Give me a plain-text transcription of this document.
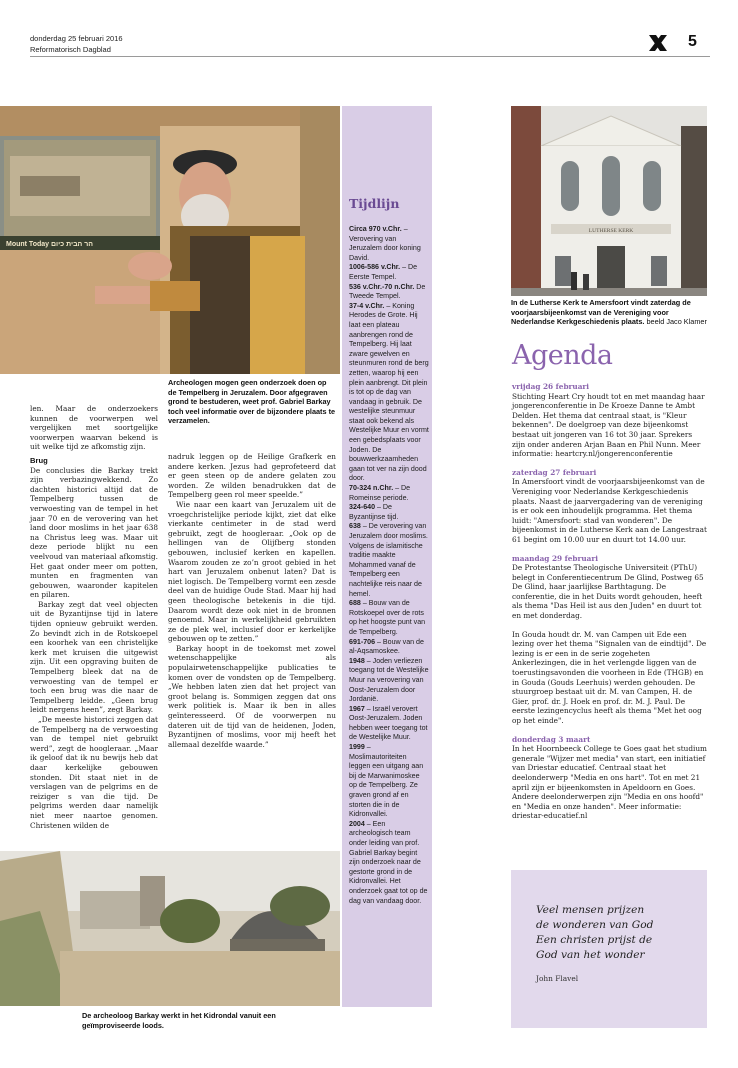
donderdag 25 februari 2016
Reformatorisch Dagblad	5
Mount Today הר הבית כיום
Archeologen mogen geen onderzoek doen op de Tempelberg in Jeruzalem. Door afgegraven grond te bestuderen, weet prof. Gabriel Barkay toch veel informatie over de bijzondere plaats te verzamelen.

len. Maar de onderzoekers kunnen de voorwerpen wel vergelijken met soortgelijke voorwerpen waarvan bekend is uit welke tijd ze afkomstig zijn.

Brug

De conclusies die Barkay trekt zijn verbazingwekkend. Zo dachten historici altijd dat de Tempelberg tussen de verwoesting van de tempel in het jaar 70 en de verovering van het land door moslims in het jaar 638 na Christus leeg was. Maar uit deze periode blijkt nu een veelvoud van materiaal afkomstig. Het gaat onder meer om potten, munten en fragmenten van gebouwen, waaronder kapitelen en pilaren.

Barkay zegt dat veel objecten uit de Byzantijnse tijd in latere tijden opnieuw gebruikt werden. Zo bevindt zich in de Rotskoepel een koorhek van een christelijke kerk met kruisen die uitgewist zijn. Uit een opgraving buiten de Tempelberg bleek dat na de verwoesting van de tempel er toch een brug was die naar de Tempelberg leidde. „Geen brug leidt nergens heen”, zegt Barkay.

„De meeste historici zeggen dat de Tempelberg na de verwoesting van de tempel niet gebruikt werd”, zegt de hoogleraar. „Maar ik geloof dat ik nu bewijs heb dat daar kerkelijke gebouwen stonden. Dit staat niet in de verslagen van de pelgrims en de reiziger s van die tijd. De pelgrims werden daar namelijk niet meer naartoe genomen. Christenen wilden de

nadruk leggen op de Heilige Grafkerk en andere kerken. Jezus had geprofeteerd dat er geen steen op de andere gelaten zou worden. Ze wilden benadrukken dat de Tempelberg geen rol meer speelde.”

Wie naar een kaart van Jeruzalem uit de vroegchristelijke periode kijkt, ziet dat elke vierkante centimeter in de stad werd gebruikt, zegt de hoogleraar. „Ook op de hellingen van de Olijfberg stonden gebouwen, inclusief kerken en kapellen. Waarom zouden ze zo’n groot gebied in het hart van Jeruzalem onbenut laten? Dat is niet logisch. De Tempelberg vormt een zesde deel van de huidige Oude Stad. Maar hij had geen theologische betekenis in die tijd. Daarom wordt deze ook niet in de bronnen genoemd. Maar in werkelijkheid gebruikten ze de plek wel, inclusief door er kerkelijke gebouwen op te zetten.”

Barkay hoopt in de toekomst met zowel wetenschappelijke als populairwetenschappelijke publicaties te komen over de vondsten op de Tempelberg. „We hebben laten zien dat het project van groot belang is. Sommigen zeggen dat ons werk politiek is. Maar ik ben in alles geïnteresseerd. Of de voorwerpen nu dateren uit de tijd van de heidenen, Joden, Byzantijnen of moslims, voor mij heeft het allemaal dezelfde waarde.”

De archeoloog Barkay werkt in het Kidrondal vanuit een geïmproviseerde loods.
Tijdlijn
Circa 970 v.Chr. – Verovering van Jeruzalem door koning David.
1006-586 v.Chr. – De Eerste Tempel.
536 v.Chr.-70 n.Chr. De Tweede Tempel.
37-4 v.Chr. – Koning Herodes de Grote. Hij laat een plateau aanbrengen rond de Tempelberg. Hij laat zware gewelven en steunmuren rond de berg zetten, waarop hij een plein aanbrengt. Dit plein is tot op de dag van vandaag in gebruik. De westelijke steunmuur staat ook bekend als Westelijke Muur en vormt een gebedsplaats voor Joden. De bouwwerkzaamheden gaan tot ver na zijn dood door.
70-324 n.Chr. – De Romeinse periode.
324-640 – De Byzantijnse tijd.
638 – De verovering van Jeruzalem door moslims. Volgens de islamitische traditie maakte Mohammed vanaf de Tempelberg een nachtelijke reis naar de hemel.
688 – Bouw van de Rotskoepel over de rots op het hoogste punt van de Tempelberg.
691-706 – Bouw van de al-Aqsamoskee.
1948 – Joden verliezen toegang tot de Westelijke Muur na verovering van Oost-Jeruzalem door Jordanië.
1967 – Israël verovert Oost-Jeruzalem. Joden hebben weer toegang tot de Westelijke Muur.
1999 – Moslimautoriteiten leggen een uitgang aan bij de Marwanimoskee op de Tempelberg. Ze graven grond af en storten die in de Kidronvallei.
2004 – Een archeologisch team onder leiding van prof. Gabriel Barkay begint zijn onderzoek naar de gestorte grond in de Kidronvallei. Het onderzoek gaat tot op de dag van vandaag door.
LUTHERSE KERK
In de Lutherse Kerk te Amersfoort vindt zaterdag de voorjaarsbijeenkomst van de Vereniging voor Nederlandse Kerkgeschiedenis plaats. beeld Jaco Klamer
Agenda
vrijdag 26 februari

Stichting Heart Cry houdt tot en met maandag haar jongerenconferentie in De Kroeze Danne te Ambt Delden. Het thema dat centraal staat, is "Kleur bekennen". De doelgroep van deze bijeenkomst bestaat uit jongeren van 16 tot 30 jaar. Sprekers zijn onder anderen Arjan Baan en Phil Nunn. Meer informatie: heartcry.nl/jongerenconferentie

zaterdag 27 februari

In Amersfoort vindt de voorjaarsbijeenkomst van de Vereniging voor Nederlandse Kerkgeschiedenis plaats. Naast de jaarvergadering van de vereniging is er ook een inhoudelijk programma. Het thema luidt: "Amersfoort: stad van wonderen". De bijeenkomst in de Lutherse Kerk aan de Langestraat 61 begint om 10.00 uur en duurt tot 14.00 uur.

maandag 29 februari

De Protestantse Theologische Universiteit (PThU) belegt in Conferentiecentrum De Glind, Postweg 65 De Glind, haar jaarlijkse Barthtagung. De conferentie, die in het Duits wordt gehouden, heeft als thema "Das Heil ist aus den Juden" en duurt tot en met donderdag.

In Gouda houdt dr. M. van Campen uit Ede een lezing over het thema "Signalen van de eindtijd". De lezing is er een in de serie zogeheten Ankerlezingen, die in het verlengde liggen van de toerustingsavonden die voorheen in Ede (THGB) en in Gouda (Gouds Leerhuis) werden gehouden. De stuurgroep bestaat uit dr. M. van Campen, H. de Gier, prof. dr. J. Hoek en prof. dr. M. J. Paul. De eerste lezingencyclus heeft als thema "Met het oog op het einde".

donderdag 3 maart

In het Hoornbeeck College te Goes gaat het studium generale "Wijzer met media" van start, een initiatief van Driestar educatief. Centraal staat het deelonderwerp "Media en ons hart". Tot en met 21 april zijn er bijeenkomsten in Apeldoorn en Goes. Andere deelonderwerpen zijn "Media en ons hoofd" en "Media en onze handen". Meer informatie: driestar-educatief.nl

Veel mensen prijzen
de wonderen van God
Een christen prijst de
God van het wonder
John Flavel
